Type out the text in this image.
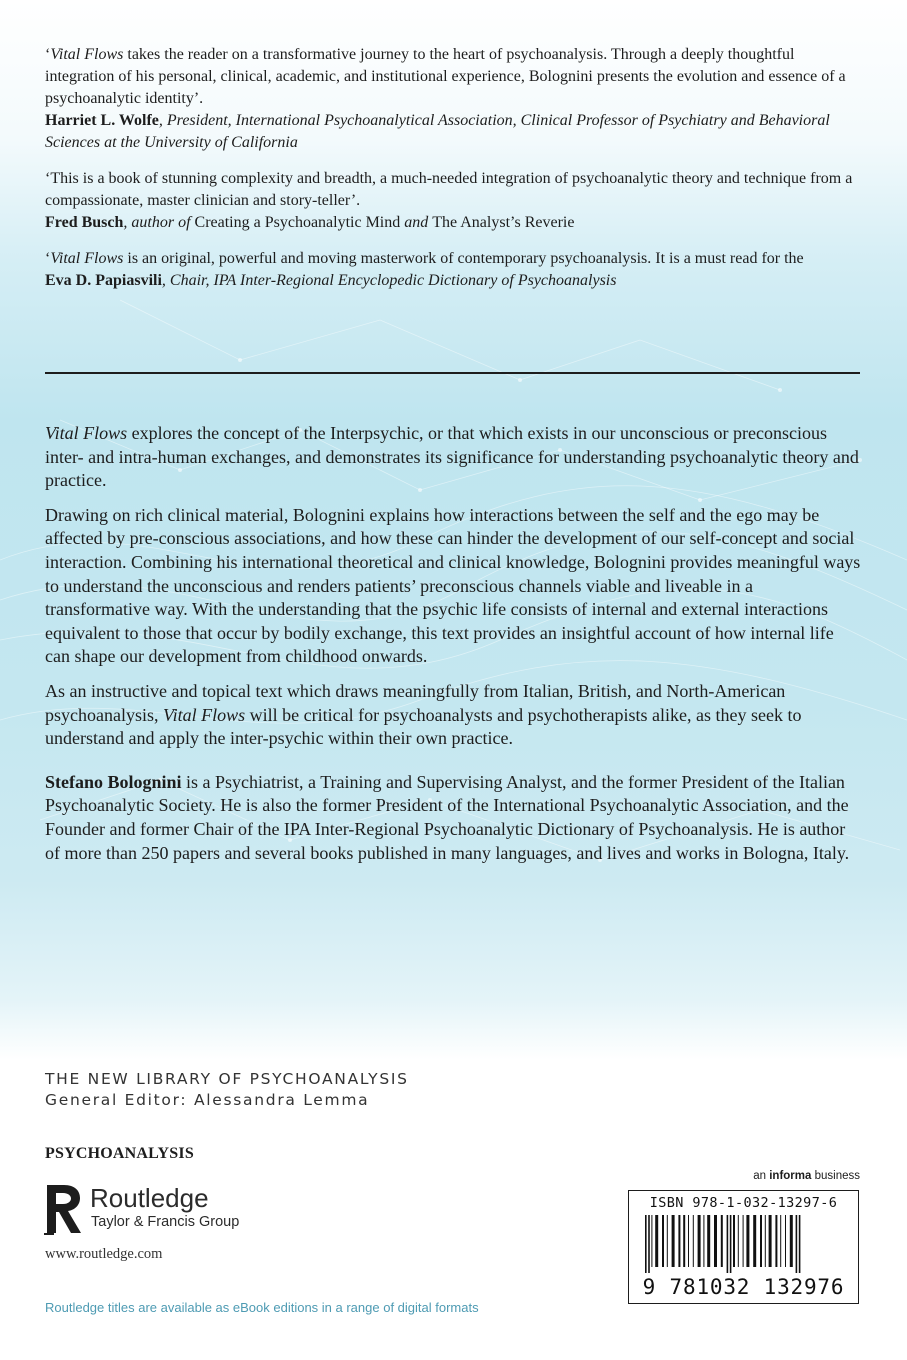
‘Vital Flows takes the reader on a transformative journey to the heart of psychoanalysis. Through a deeply thoughtful integration of his personal, clinical, academic, and institutional experience, Bolognini presents the evolution and essence of a psychoanalytic identity’.
Harriet L. Wolfe, President, International Psychoanalytical Association, Clinical Professor of Psychiatry and Behavioral Sciences at the University of California

‘This is a book of stunning complexity and breadth, a much-needed integration of psychoanalytic theory and technique from a compassionate, master clinician and story-teller’.
Fred Busch, author of Creating a Psychoanalytic Mind and The Analyst’s Reverie

‘Vital Flows is an original, powerful and moving masterwork of contemporary psychoanalysis. It is a must read for the
Eva D. Papiasvili, Chair, IPA Inter-Regional Encyclopedic Dictionary of Psychoanalysis

Vital Flows explores the concept of the Interpsychic, or that which exists in our unconscious or preconscious inter- and intra-human exchanges, and demonstrates its significance for understanding psychoanalytic theory and practice.

Drawing on rich clinical material, Bolognini explains how interactions between the self and the ego may be affected by pre-conscious associations, and how these can hinder the development of our self-concept and social interaction. Combining his international theoretical and clinical knowledge, Bolognini provides meaningful ways to understand the unconscious and renders patients’ preconscious channels viable and liveable in a transformative way. With the understanding that the psychic life consists of internal and external interactions equivalent to those that occur by bodily exchange, this text provides an insightful account of how internal life can shape our development from childhood onwards.

As an instructive and topical text which draws meaningfully from Italian, British, and North-American psychoanalysis, Vital Flows will be critical for psychoanalysts and psychotherapists alike, as they seek to understand and apply the inter-psychic within their own practice.

Stefano Bolognini is a Psychiatrist, a Training and Supervising Analyst, and the former President of the Italian Psychoanalytic Society. He is also the former President of the International Psychoanalytic Association, and the Founder and former Chair of the IPA Inter-Regional Psychoanalytic Dictionary of Psychoanalysis. He is author of more than 250 papers and several books published in many languages, and lives and works in Bologna, Italy.

THE NEW LIBRARY OF PSYCHOANALYSIS
General Editor: Alessandra Lemma
PSYCHOANALYSIS
Routledge
Taylor & Francis Group
www.routledge.com
Routledge titles are available as eBook editions in a range of digital formats
an informa business
ISBN 978-1-032-13297-6
9 781032 132976
